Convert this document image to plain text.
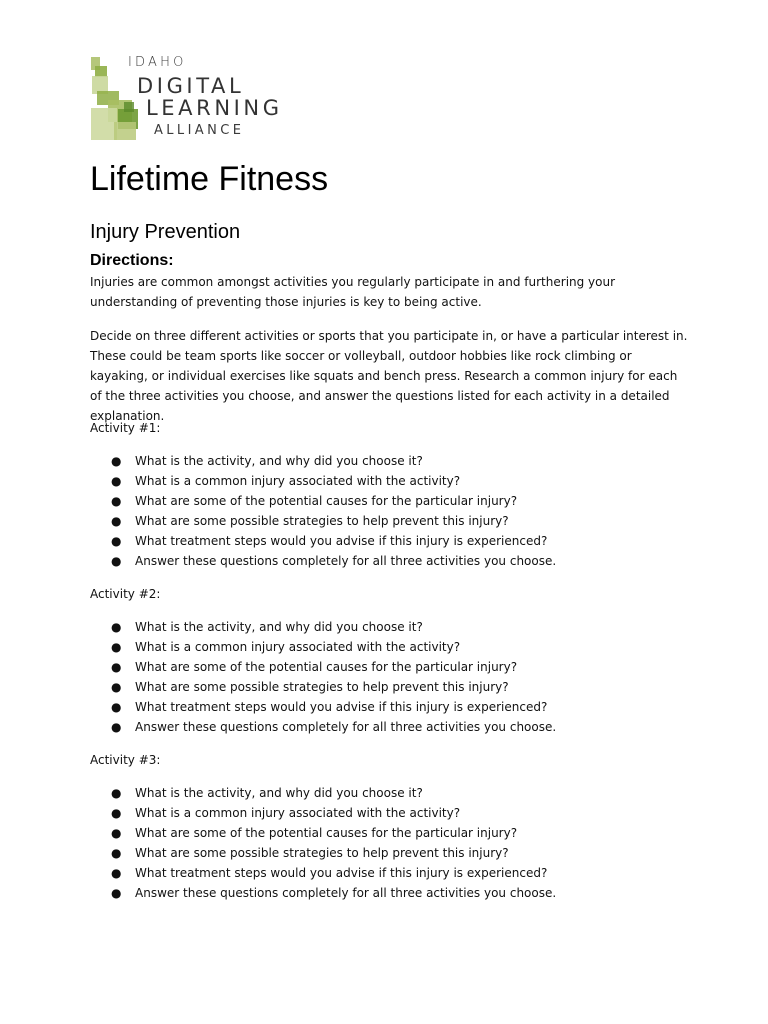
IDAHO
DIGITAL
LEARNING
ALLIANCE
Lifetime Fitness
Injury Prevention
Directions:

Injuries are common amongst activities you regularly participate in and furthering your understanding of preventing those injuries is key to being active.

Decide on three different activities or sports that you participate in, or have a particular interest in. These could be team sports like soccer or volleyball, outdoor hobbies like rock climbing or kayaking, or individual exercises like squats and bench press. Research a common injury for each of the three activities you choose, and answer the questions listed for each activity in a detailed explanation.

Activity #1:

● What is the activity, and why did you choose it?
● What is a common injury associated with the activity?
● What are some of the potential causes for the particular injury?
● What are some possible strategies to help prevent this injury?
● What treatment steps would you advise if this injury is experienced?
● Answer these questions completely for all three activities you choose.

Activity #2:

● What is the activity, and why did you choose it?
● What is a common injury associated with the activity?
● What are some of the potential causes for the particular injury?
● What are some possible strategies to help prevent this injury?
● What treatment steps would you advise if this injury is experienced?
● Answer these questions completely for all three activities you choose.

Activity #3:

● What is the activity, and why did you choose it?
● What is a common injury associated with the activity?
● What are some of the potential causes for the particular injury?
● What are some possible strategies to help prevent this injury?
● What treatment steps would you advise if this injury is experienced?
● Answer these questions completely for all three activities you choose.
